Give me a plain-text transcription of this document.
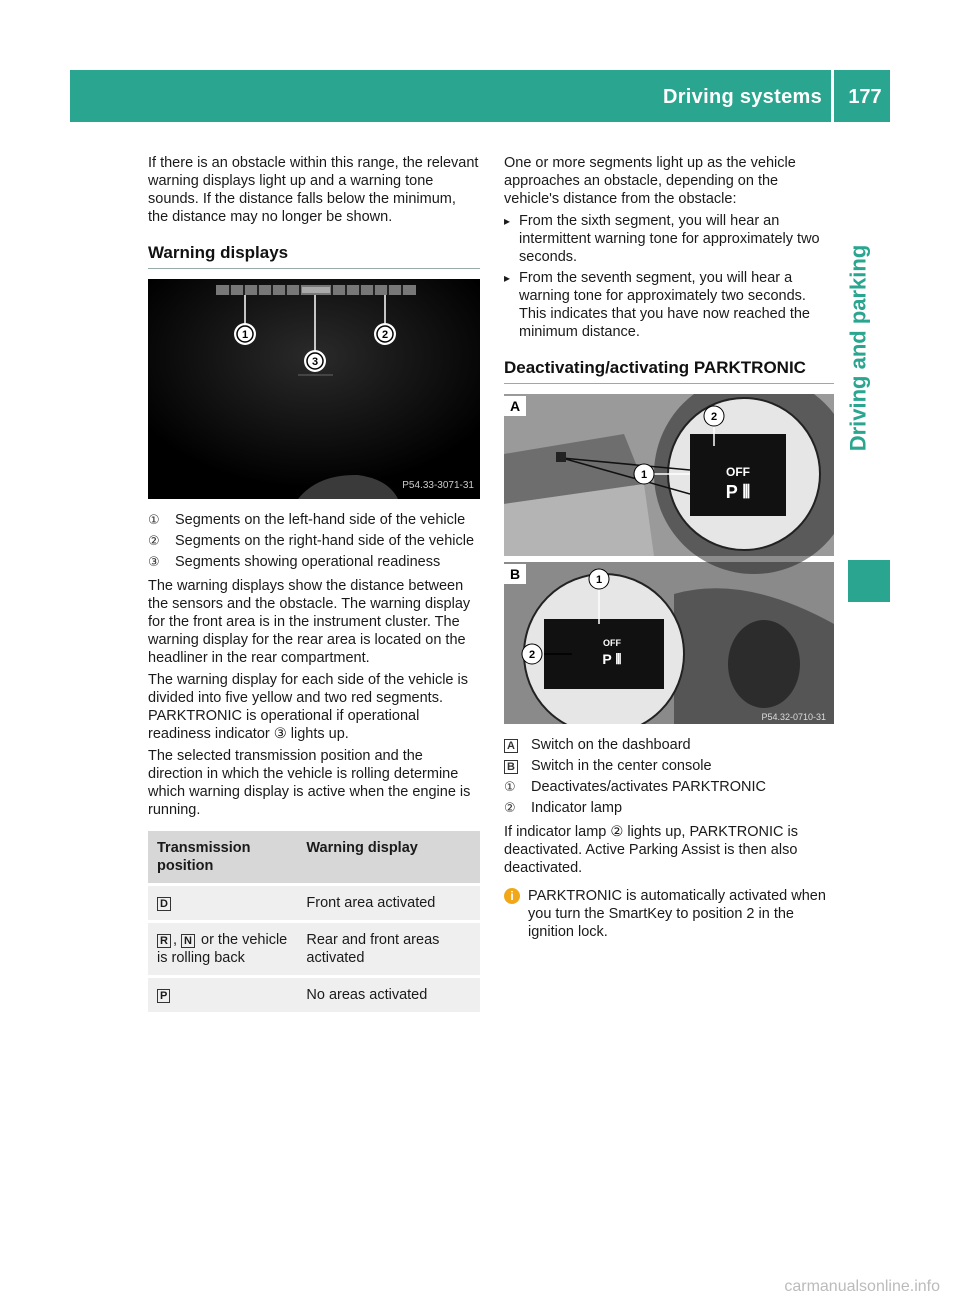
Driving systems	177
Driving and parking

If there is an obstacle within this range, the relevant warning displays light up and a warning tone sounds. If the distance falls below the minimum, the distance may no longer be shown.

Warning displays
1	2
3
P54.33-3071-31
①	Segments on the left-hand side of the vehicle
②	Segments on the right-hand side of the vehicle
③	Segments showing operational readiness

The warning displays show the distance between the sensors and the obstacle. The warning display for the front area is in the instrument cluster. The warning display for the rear area is located on the headliner in the rear compartment.

The warning display for each side of the vehicle is divided into five yellow and two red segments. PARKTRONIC is operational if operational readiness indicator ③ lights up.

The selected transmission position and the direction in which the vehicle is rolling determine which warning display is active when the engine is running.

Transmission position	Warning display
D	Front area activated
R , N or the vehicle is rolling back	Rear and front areas activated
P	No areas activated

One or more segments light up as the vehicle approaches an obstacle, depending on the vehicle's distance from the obstacle:

▸ From the sixth segment, you will hear an intermittent warning tone for approximately two seconds.
▸ From the seventh segment, you will hear a warning tone for approximately two seconds. This indicates that you have now reached the minimum distance.
Deactivating/activating PARKTRONIC
1
2
OFF
P ⦀
A
1
2
OFF
P ⦀
B
P54.32-0710-31
A	Switch on the dashboard
B	Switch in the center console
①	Deactivates/activates PARKTRONIC
②	Indicator lamp

If indicator lamp ② lights up, PARKTRONIC is deactivated. Active Parking Assist is then also deactivated.

i PARKTRONIC is automatically activated when you turn the SmartKey to position 2 in the ignition lock.
carmanualsonline.info
